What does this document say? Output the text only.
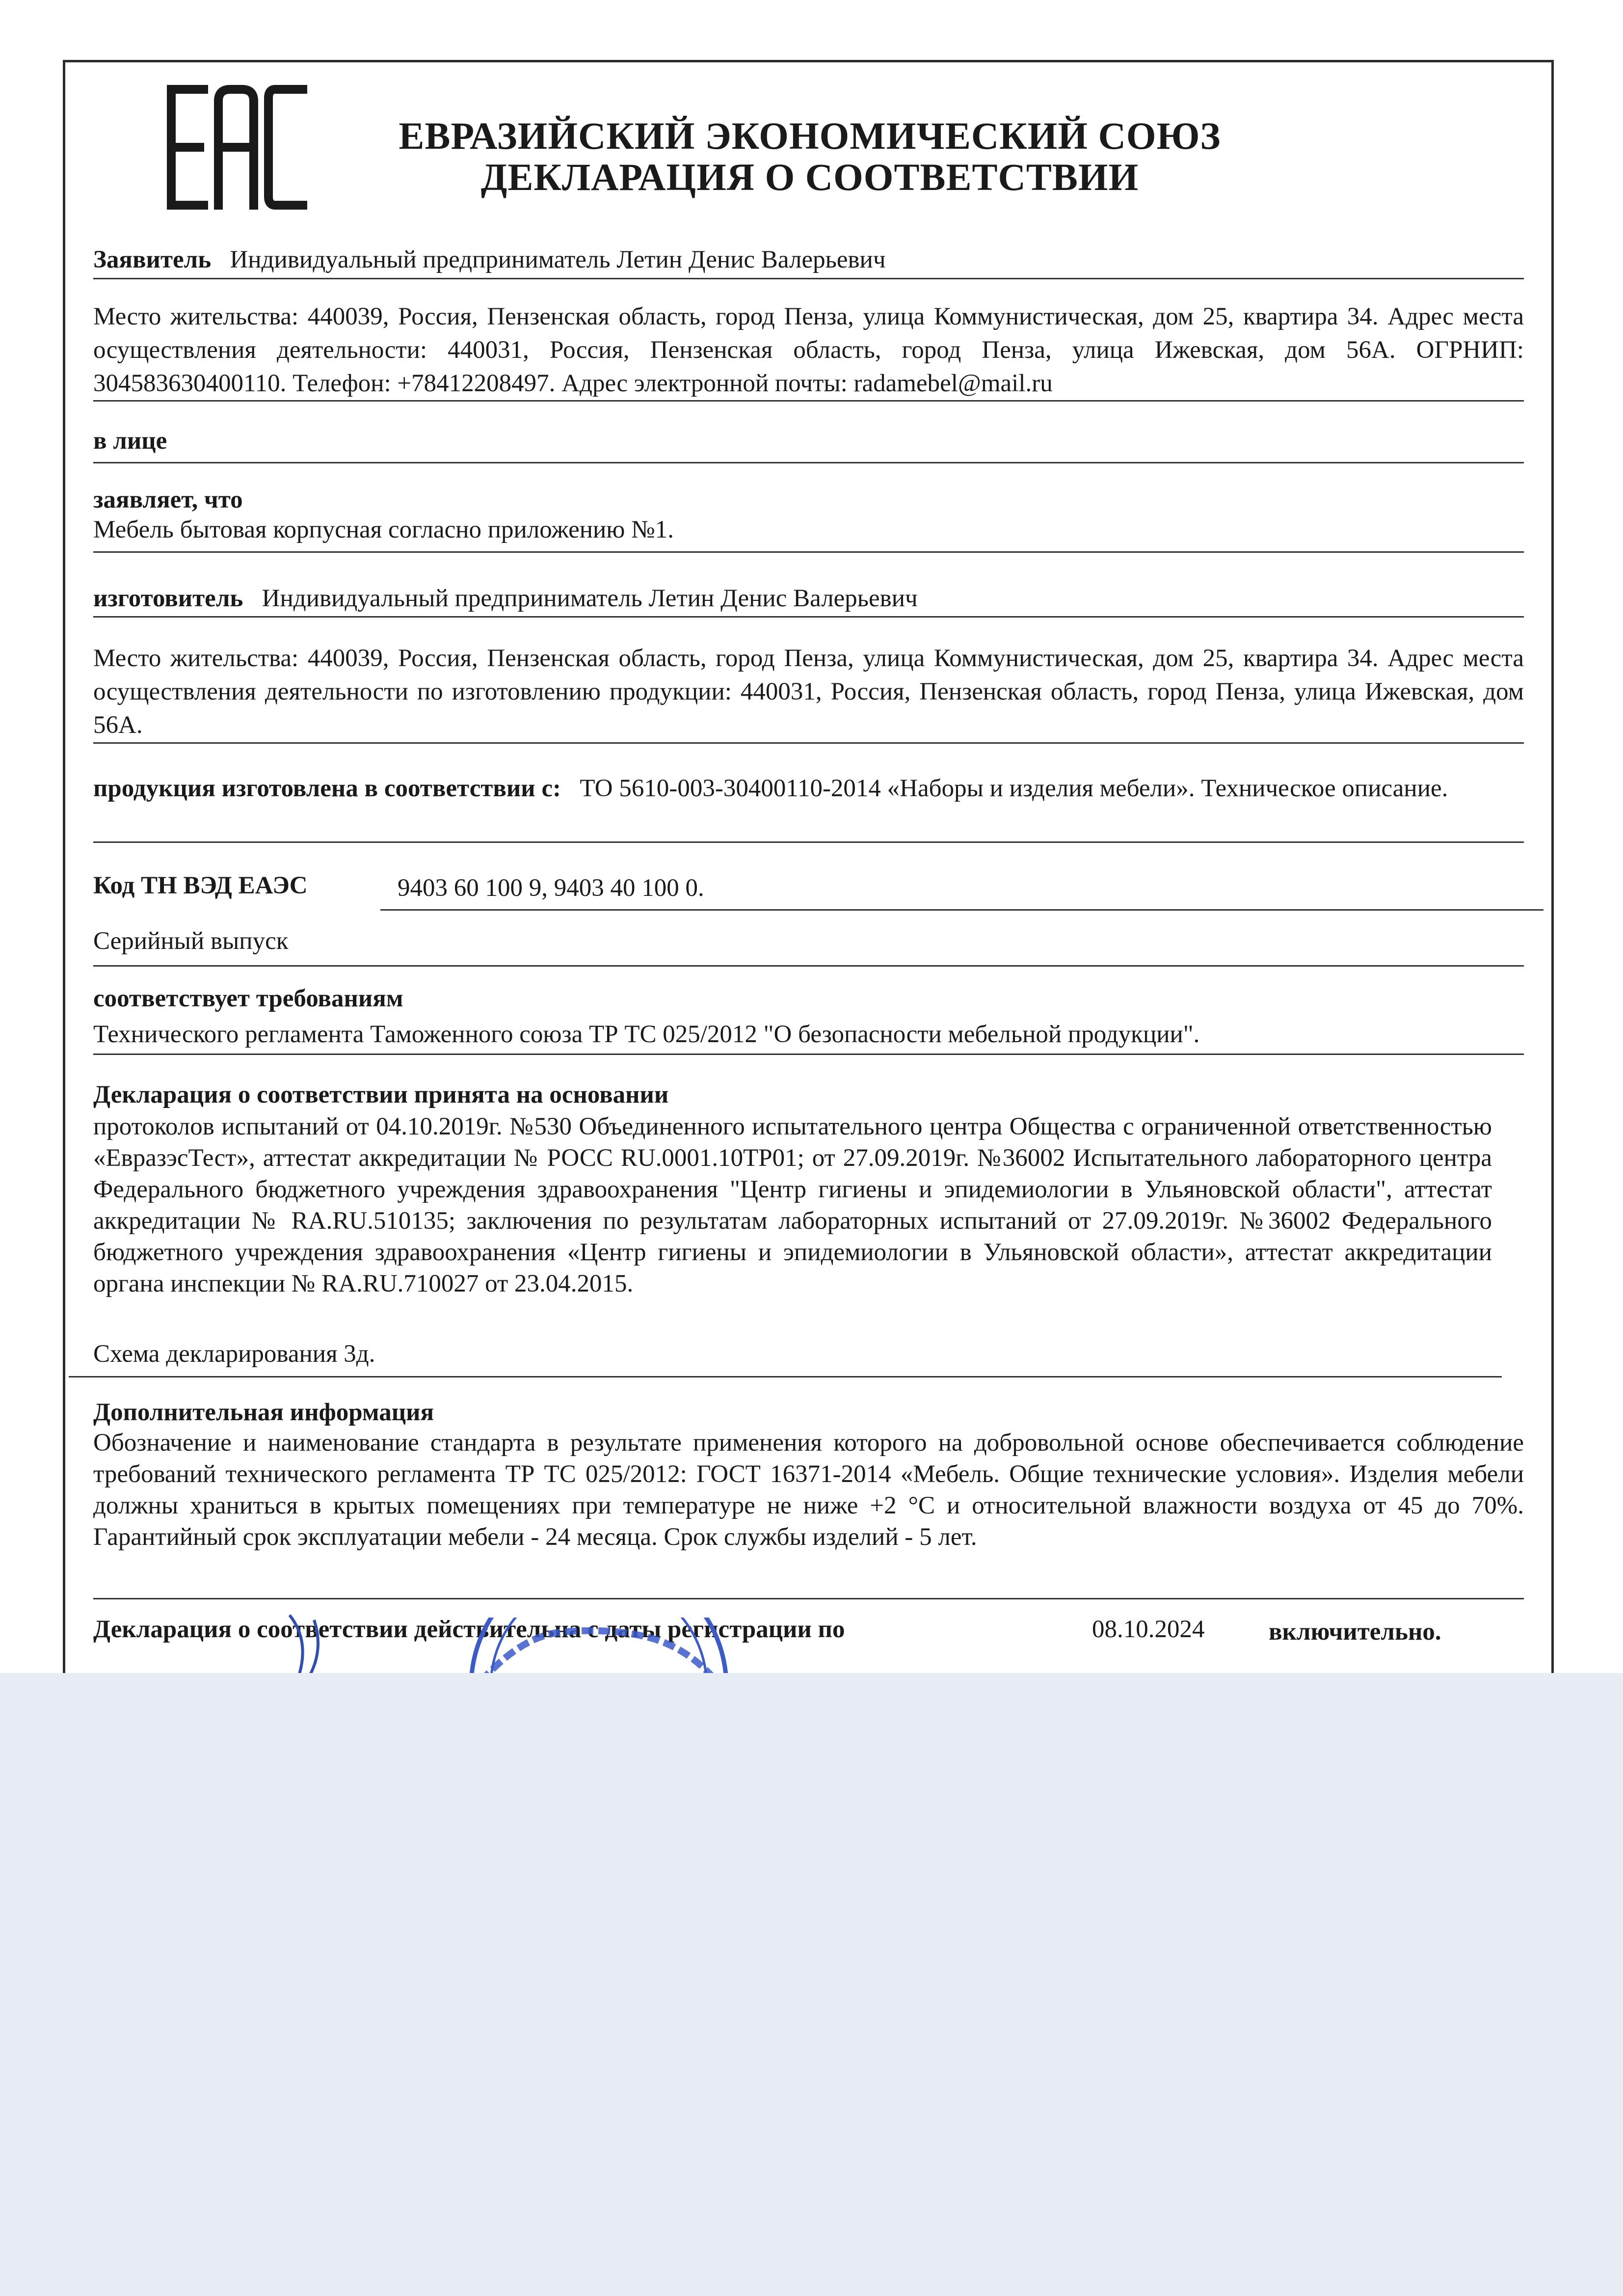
ЕВРАЗИЙСКИЙ ЭКОНОМИЧЕСКИЙ СОЮЗ
ДЕКЛАРАЦИЯ О СООТВЕТСТВИИ
Заявитель Индивидуальный предприниматель Летин Денис Валерьевич
Место жительства: 440039, Россия, Пензенская область, город Пенза, улица Коммунистическая, дом 25, квартира 34. Адрес места осуществления деятельности: 440031, Россия, Пензенская область, город Пенза, улица Ижевская, дом 56А. ОГРНИП: 304583630400110. Телефон: +78412208497. Адрес электронной почты: radamebel@mail.ru
в лице
заявляет, что
Мебель бытовая корпусная согласно приложению №1.
изготовитель Индивидуальный предприниматель Летин Денис Валерьевич
Место жительства: 440039, Россия, Пензенская область, город Пенза, улица Коммунистическая, дом 25, квартира 34. Адрес места осуществления деятельности по изготовлению продукции: 440031, Россия, Пензенская область, город Пенза, улица Ижевская, дом 56А.
продукция изготовлена в соответствии с: ТО 5610-003-30400110-2014 «Наборы и изделия мебели». Техническое описание.
Код ТН ВЭД ЕАЭС	9403 60 100 9, 9403 40 100 0.
Серийный выпуск
соответствует требованиям
Технического регламента Таможенного союза ТР ТС 025/2012 "О безопасности мебельной продукции".
Декларация о соответствии принята на основании
протоколов испытаний от 04.10.2019г. №530 Объединенного испытательного центра Общества с ограниченной ответственностью «ЕвразэсТест», аттестат аккредитации № РОСС RU.0001.10ТР01; от 27.09.2019г. №36002 Испытательного лабораторного центра Федерального бюджетного учреждения здравоохранения "Центр гигиены и эпидемиологии в Ульяновской области", аттестат аккредитации № RA.RU.510135; заключения по результатам лабораторных испытаний от 27.09.2019г. №36002 Федерального бюджетного учреждения здравоохранения «Центр гигиены и эпидемиологии в Ульяновской области», аттестат аккредитации органа инспекции № RA.RU.710027 от 23.04.2015.
Схема декларирования 3д.
Дополнительная информация
Обозначение и наименование стандарта в результате применения которого на добровольной основе обеспечивается соблюдение требований технического регламента ТР ТС 025/2012: ГОСТ 16371-2014 «Мебель. Общие технические условия». Изделия мебели должны храниться в крытых помещениях при температуре не ниже +2 °С и относительной влажности воздуха от 45 до 70%. Гарантийный срок эксплуатации мебели - 24 месяца. Срок службы изделий - 5 лет.
Декларация о соответствии действительна с даты регистрации по	08.10.2024	включительно.
